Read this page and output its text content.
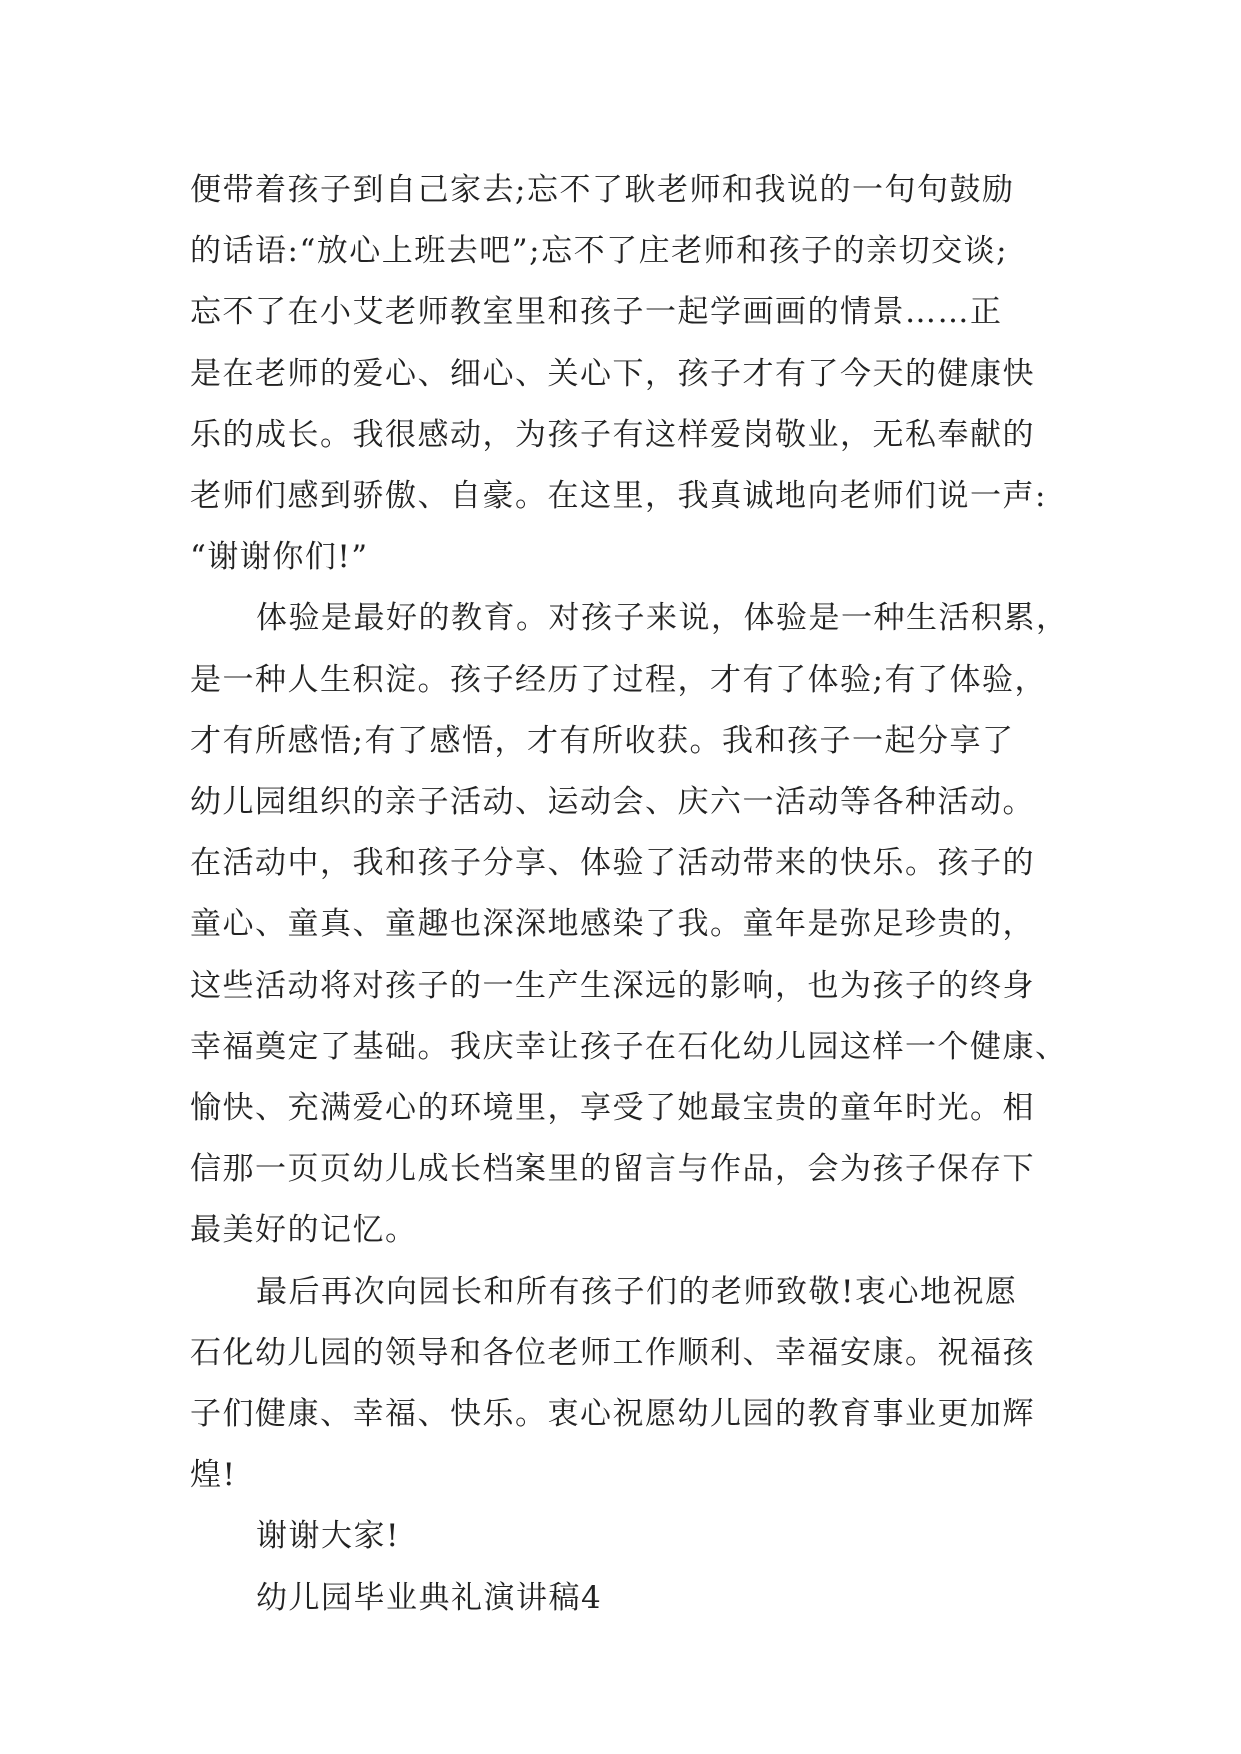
便带着孩子到自己家去;忘不了耿老师和我说的一句句鼓励
的话语:“放心上班去吧”;忘不了庄老师和孩子的亲切交谈;
忘不了在小艾老师教室里和孩子一起学画画的情景……正
是在老师的爱心、细心、关心下，孩子才有了今天的健康快
乐的成长。我很感动，为孩子有这样爱岗敬业，无私奉献的
老师们感到骄傲、自豪。在这里，我真诚地向老师们说一声:
“谢谢你们!”

体验是最好的教育。对孩子来说，体验是一种生活积累，
是一种人生积淀。孩子经历了过程，才有了体验;有了体验，
才有所感悟;有了感悟，才有所收获。我和孩子一起分享了
幼儿园组织的亲子活动、运动会、庆六一活动等各种活动。
在活动中，我和孩子分享、体验了活动带来的快乐。孩子的
童心、童真、童趣也深深地感染了我。童年是弥足珍贵的，
这些活动将对孩子的一生产生深远的影响，也为孩子的终身
幸福奠定了基础。我庆幸让孩子在石化幼儿园这样一个健康、
愉快、充满爱心的环境里，享受了她最宝贵的童年时光。相
信那一页页幼儿成长档案里的留言与作品，会为孩子保存下
最美好的记忆。

最后再次向园长和所有孩子们的老师致敬!衷心地祝愿
石化幼儿园的领导和各位老师工作顺利、幸福安康。祝福孩
子们健康、幸福、快乐。衷心祝愿幼儿园的教育事业更加辉
煌!

谢谢大家!

幼儿园毕业典礼演讲稿4
